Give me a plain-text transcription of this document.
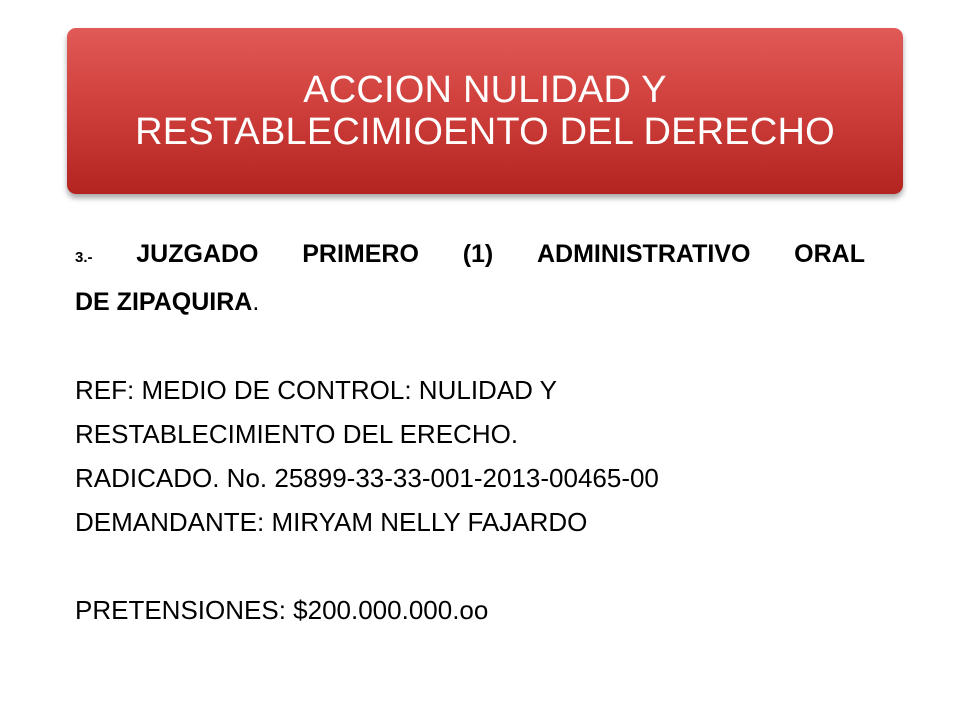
ACCION NULIDAD Y
RESTABLECIMIOENTO DEL DERECHO
3.- JUZGADO PRIMERO (1) ADMINISTRATIVO ORAL
DE ZIPAQUIRA.
REF: MEDIO DE CONTROL: NULIDAD Y
RESTABLECIMIENTO DEL ERECHO.
RADICADO. No. 25899-33-33-001-2013-00465-00
DEMANDANTE: MIRYAM NELLY FAJARDO
PRETENSIONES: $200.000.000.oo
